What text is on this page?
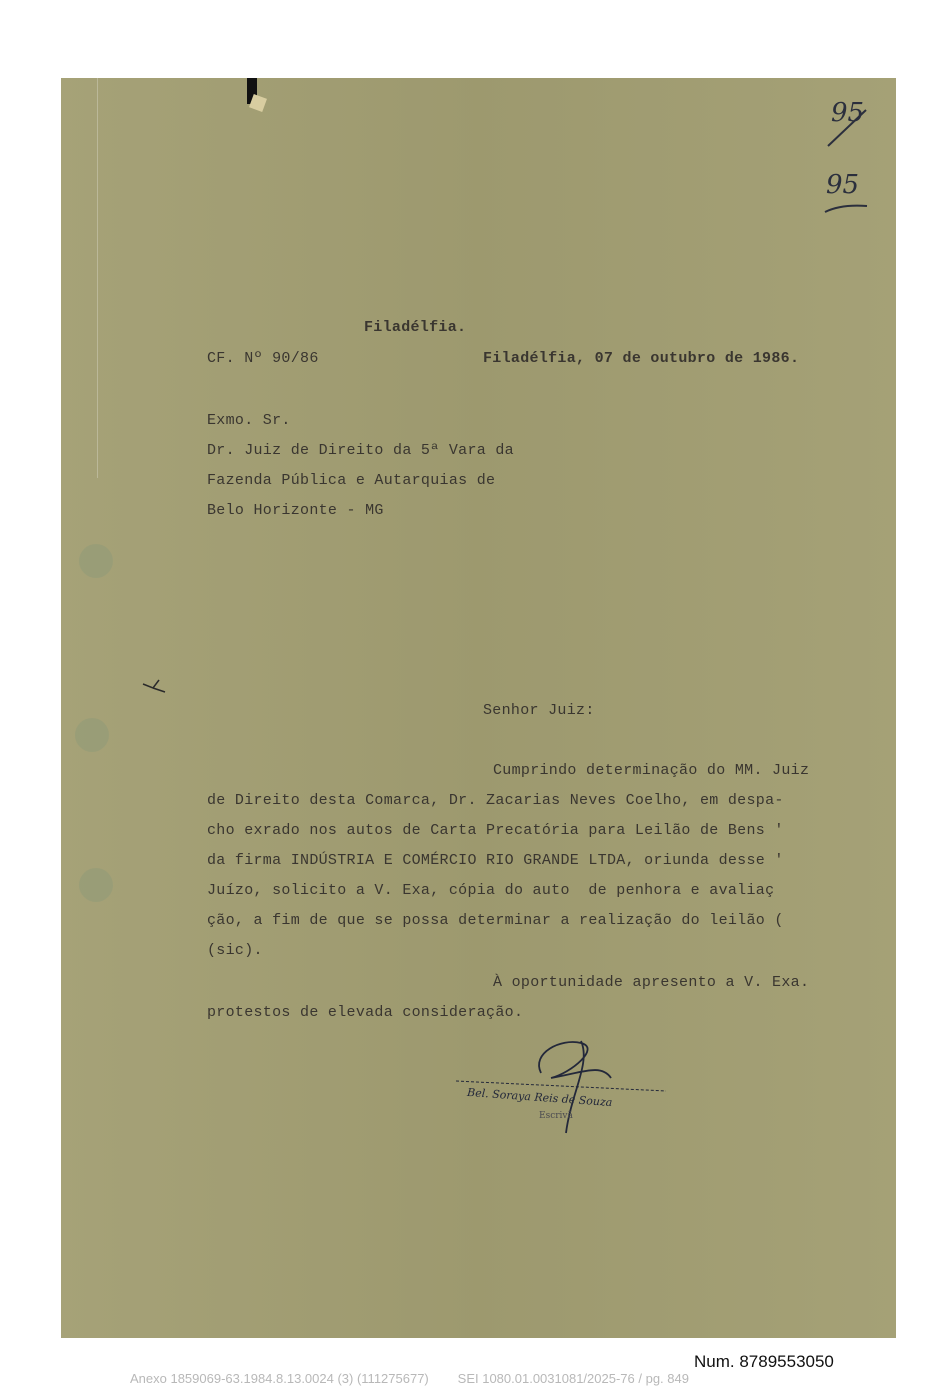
95
95
Filadélfia.
CF. Nº 90/86	Filadélfia, 07 de outubro de 1986.
Exmo. Sr.
Dr. Juiz de Direito da 5ª Vara da
Fazenda Pública e Autarquias de
Belo Horizonte - MG
Senhor Juiz:
Cumprindo determinação do MM. Juiz
de Direito desta Comarca, Dr. Zacarias Neves Coelho, em despa-
cho exrado nos autos de Carta Precatória para Leilão de Bens '
da firma INDÚSTRIA E COMÉRCIO RIO GRANDE LTDA, oriunda desse '
Juízo, solicito a V. Exa, cópia do auto  de penhora e avaliaç
ção, a fim de que se possa determinar a realização do leilão (
(sic).
À oportunidade apresento a V. Exa.
protestos de elevada consideração.
Bel. Soraya Reis de Souza
Escrivã
Num. 8789553050
Anexo 1859069-63.1984.8.13.0024 (3) (111275677)        SEI 1080.01.0031081/2025-76 / pg. 849
